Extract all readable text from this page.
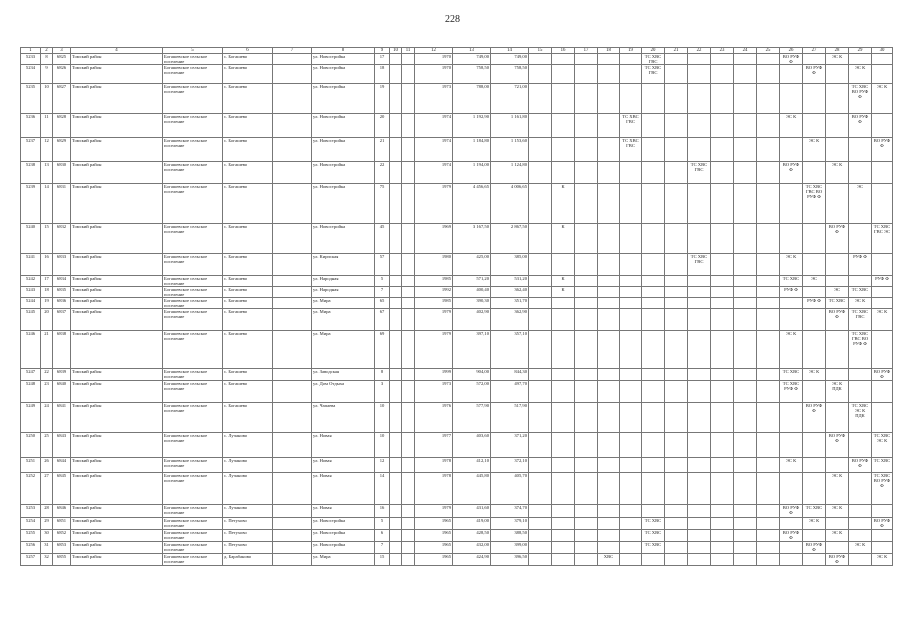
228
1	2	3	4	5	6	7	8	9	10	11	12	13	14	15	16	17	18	19	20	21	22	23	24	25	26	27	28	29	30
5233	8	6825	Томский район	Богашевское сельское поселение	с. Богашево		ул. Новостройка	17			1970	749,00	749,00						ТС ХВС ГВС						ВО РУФ Ф		ЭС К		
5234	9	6826	Томский район	Богашевское сельское поселение	с. Богашево		ул. Новостройка	18			1970	758,50	758,50						ТС ХВС ГВС							ВО РУФ Ф		ЭС К	
5235	10	6827	Томский район	Богашевское сельское поселение	с. Богашево		ул. Новостройка	19			1973	788,00	721,00															ТС ХВС ВО РУФ Ф	ЭС К
5236	11	6828	Томский район	Богашевское сельское поселение	с. Богашево		ул. Новостройка	20			1974	1 192,90	1 161,80					ТС ХВС ГВС							ЭС К			ВО РУФ Ф	
5237	12	6829	Томский район	Богашевское сельское поселение	с. Богашево		ул. Новостройка	21			1974	1 184,80	1 153,60					ТС ХВС ГВС								ЭС К			ВО РУФ Ф
5238	13	6830	Томский район	Богашевское сельское поселение	с. Богашево		ул. Новостройка	22			1974	1 194,00	1 124,80								ТС ХВС ГВС				ВО РУФ Ф		ЭС К		
5239	14	6831	Томский район	Богашевское сельское поселение	с. Богашево		ул. Новостройка	75			1979	4 456,65	4 006,65		К											ТС ХВС ГВС ВО РУФ Ф		ЭС	
5240	15	6832	Томский район	Богашевское сельское поселение	с. Богашево		ул. Новостройка	45			1969	3 167,50	2 867,50		К												ВО РУФ Ф		ТС ХВС ГВС ЭС
5241	16	6833	Томский район	Богашевское сельское поселение	с. Богашево		ул. Кирпская	57			1980	425,00	385,00								ТС ХВС ГВС				ЭС К			РУФ Ф	
5242	17	6834	Томский район	Богашевское сельское поселение	с. Богашево		ул. Народная	5			1985	571,20	531,20		К										ТС ХВС	ЭС			РУФ Ф
5243	18	6835	Томский район	Богашевское сельское поселение	с. Богашево		ул. Народная	7			1992	400,40	362,40		К										РУФ Ф		ЭС	ТС ХВС	
5244	19	6836	Томский район	Богашевское сельское поселение	с. Богашево		ул. Мира	65			1985	390,30	351,70													РУФ Ф	ТС ХВС	ЭС К	
5245	20	6837	Томский район	Богашевское сельское поселение	с. Богашево		ул. Мира	67			1979	402,90	362,90														ВО РУФ Ф	ТС ХВС ГВС	ЭС К
5246	21	6838	Томский район	Богашевское сельское поселение	с. Богашево		ул. Мира	69			1979	397,10	357,10												ЭС К			ТС ХВС ГВС ВО РУФ Ф	
5247	22	6839	Томский район	Богашевское сельское поселение	с. Богашево		ул. Заводская	8			1999	904,00	844,30												ТС ХВС	ЭС К			ВО РУФ Ф
5248	23	6840	Томский район	Богашевское сельское поселение	с. Богашево		ул. Дом Отдыха	3			1973	572,00	497,70												ТС ХВС РУФ Ф		ЭС К ПДК		
5249	24	6841	Томский район	Богашевское сельское поселение	с. Богашево		ул. Чапаева	10			1976	577,90	517,90													ВО РУФ Ф		ТС ХВС ЭС К ПДК	
5250	25	6843	Томский район	Богашевское сельское поселение	с. Лучаново		ул. Новая	10			1977	403,60	371,20														ВО РУФ Ф		ТС ХВС ЭС К
5251	26	6844	Томский район	Богашевское сельское поселение	с. Лучаново		ул. Новая	12			1978	412,10	372,10												ЭС К			ВО РУФ Ф	ТС ХВС
5252	27	6845	Томский район	Богашевское сельское поселение	с. Лучаново		ул. Новая	14			1978	445,80	405,70														ЭС К		ТС ХВС ВО РУФ Ф
5253	28	6846	Томский район	Богашевское сельское поселение	с. Лучаново		ул. Новая	16			1979	431,60	374,70												ВО РУФ Ф	ТС ХВС	ЭС К		
5254	29	6851	Томский район	Богашевское сельское поселение	с. Петухово		ул. Новостройка	5			1965	419,00	379,10						ТС ХВС							ЭС К			ВО РУФ Ф
5255	30	6852	Томский район	Богашевское сельское поселение	с. Петухово		ул. Новостройка	6			1965	428,50	388,50						ТС ХВС						ВО РУФ Ф		ЭС К		
5256	31	6853	Томский район	Богашевское сельское поселение	с. Петухово		ул. Новостройка	7			1965	432,00	399,00						ТС ХВС							ВО РУФ Ф		ЭС К	
5257	32	6855	Томский район	Богашевское сельское поселение	д. Барабаново		ул. Мира	15			1965	424,90	396,50				ХВС										ВО РУФ Ф		ЭС К
